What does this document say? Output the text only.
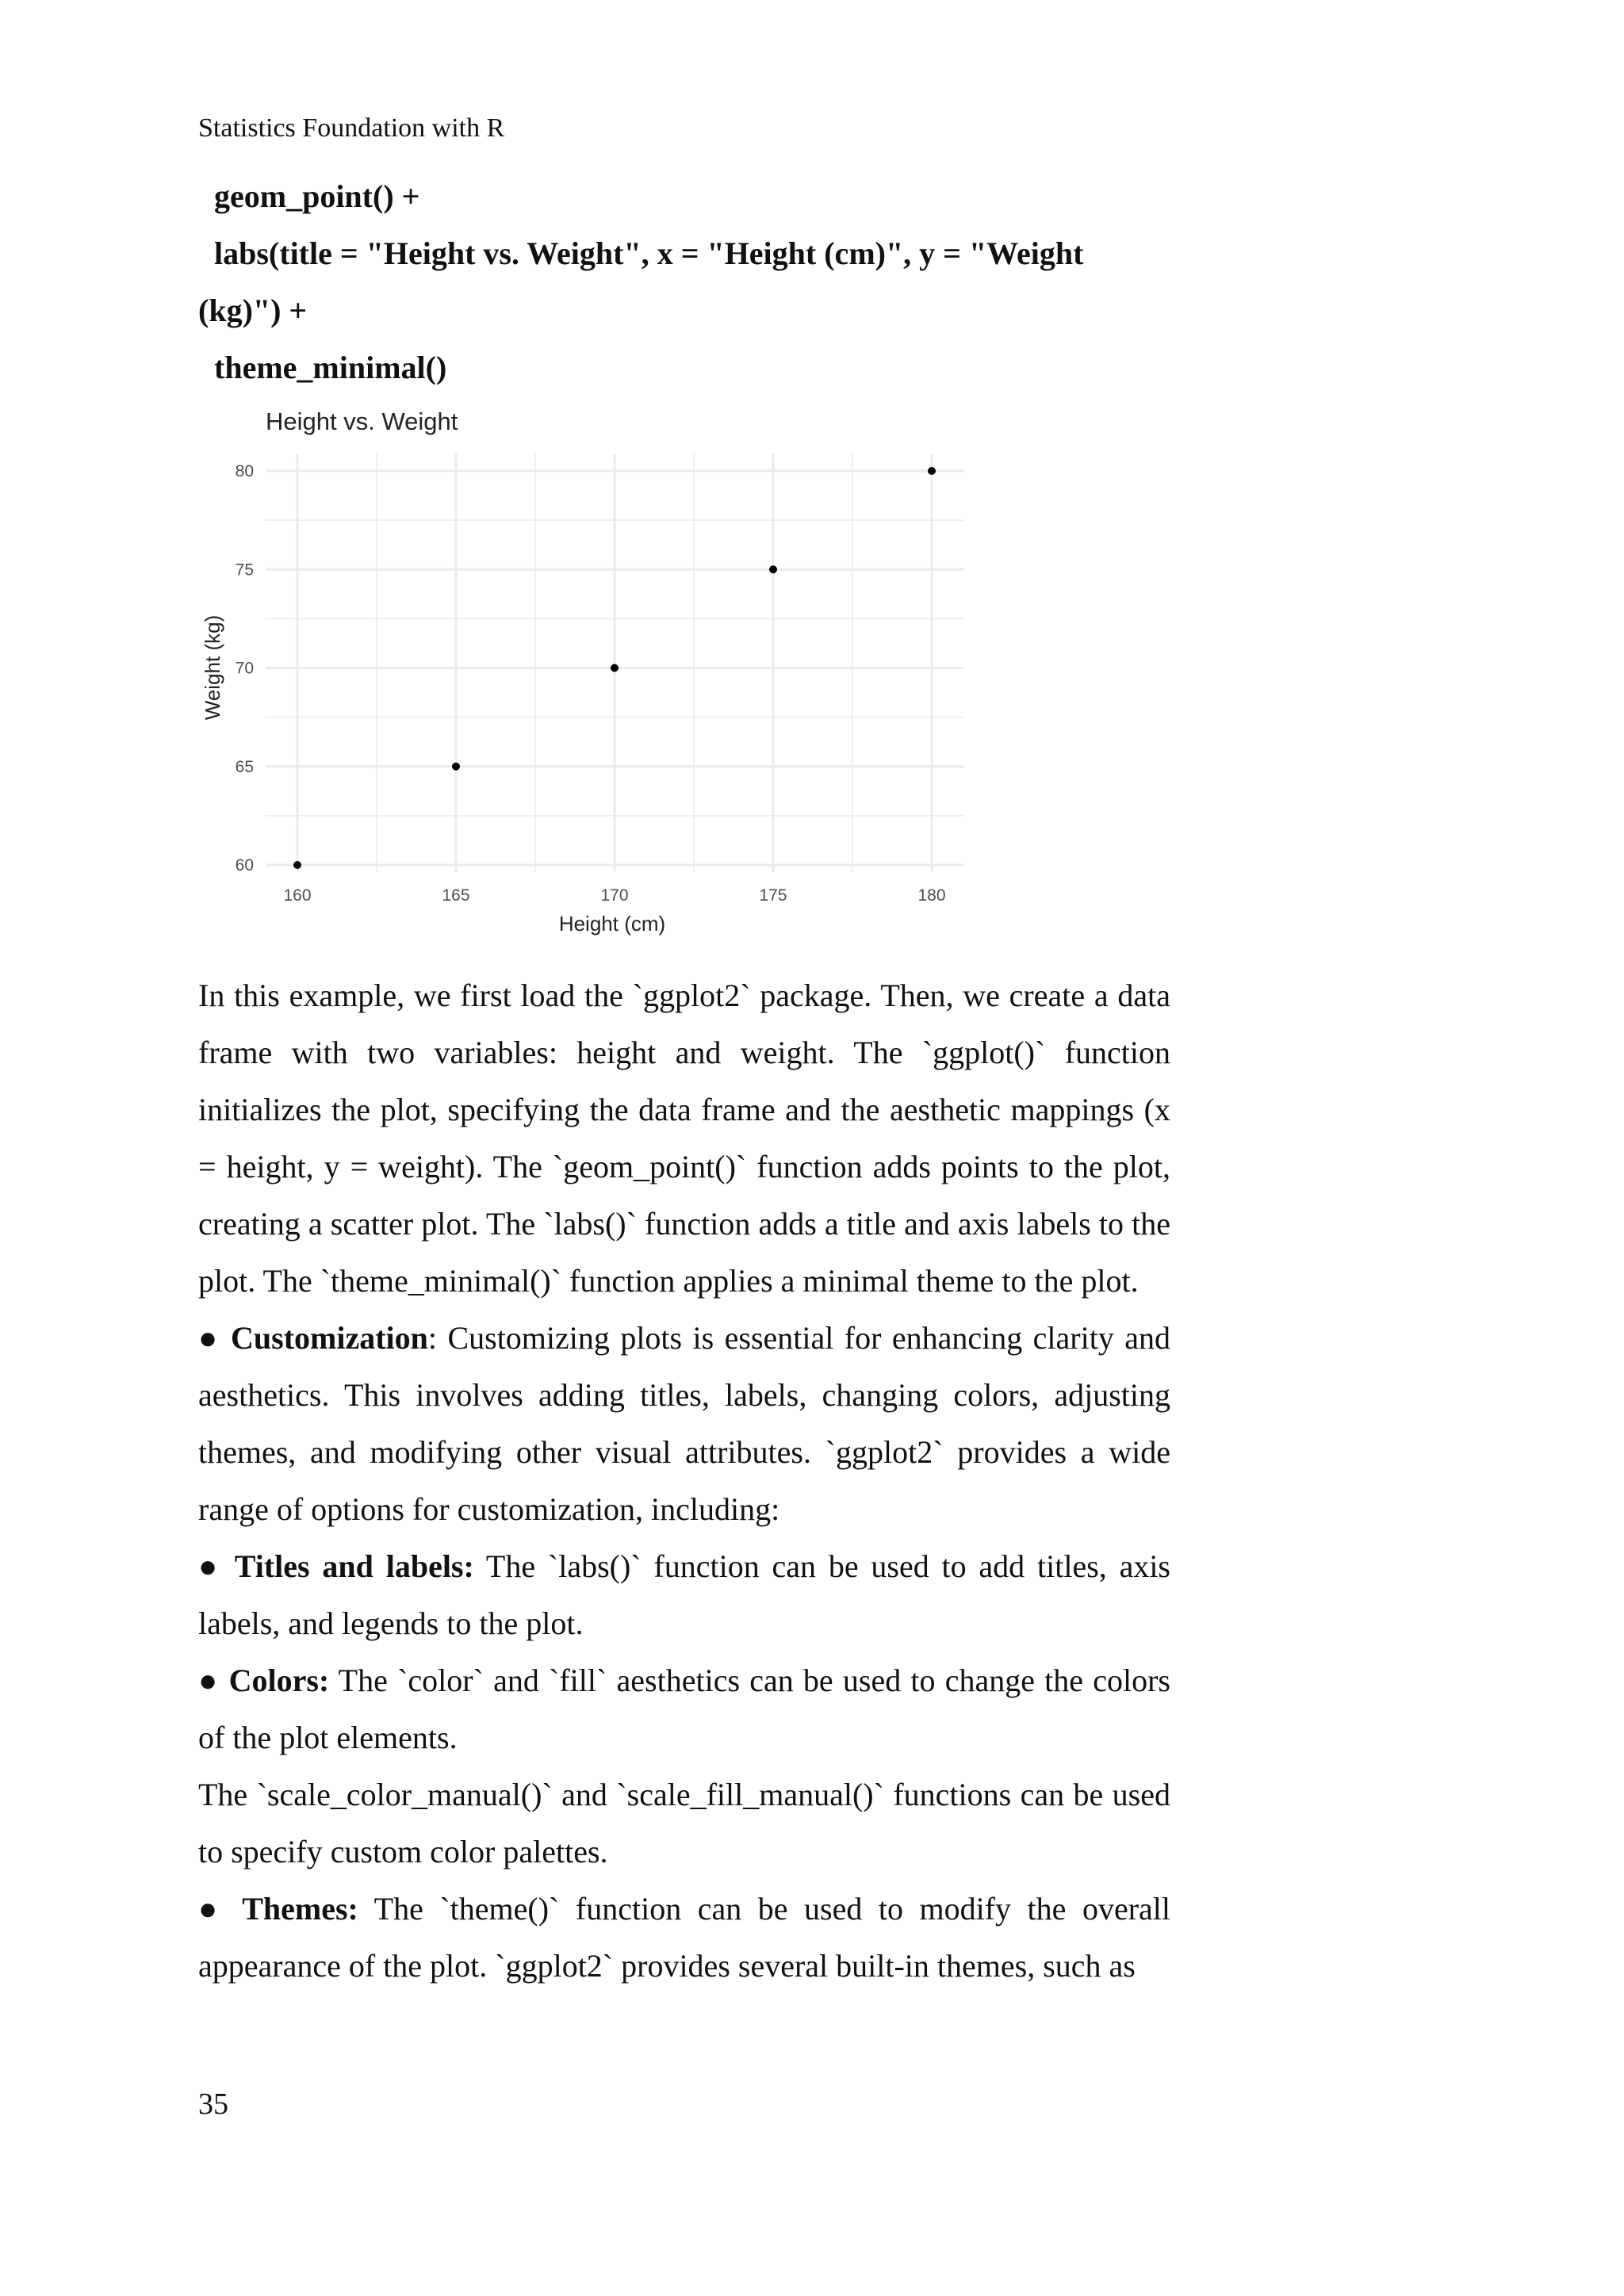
Statistics Foundation with R
geom_point() +
labs(title = "Height vs. Weight", x = "Height (cm)", y = "Weight
(kg)") +
theme_minimal()
160	165	170	175	180
60
65
70
75
80
Height vs. Weight
Height (cm)
Weight (kg)

In this example, we first load the `ggplot2` package. Then, we create a data frame with two variables: height and weight. The `ggplot()` function initializes the plot, specifying the data frame and the aesthetic mappings (x = height, y = weight). The `geom_point()` function adds points to the plot, creating a scatter plot. The `labs()` function adds a title and axis labels to the plot. The `theme_minimal()` function applies a minimal theme to the plot.

● Customization: Customizing plots is essential for enhancing clarity and aesthetics. This involves adding titles, labels, changing colors, adjusting themes, and modifying other visual attributes. `ggplot2` provides a wide range of options for customization, including:

● Titles and labels: The `labs()` function can be used to add titles, axis labels, and legends to the plot.

● Colors: The `color` and `fill` aesthetics can be used to change the colors of the plot elements.

The `scale_color_manual()` and `scale_fill_manual()` functions can be used to specify custom color palettes.

● Themes: The `theme()` function can be used to modify the overall appearance of the plot. `ggplot2` provides several built-in themes, such as

35
